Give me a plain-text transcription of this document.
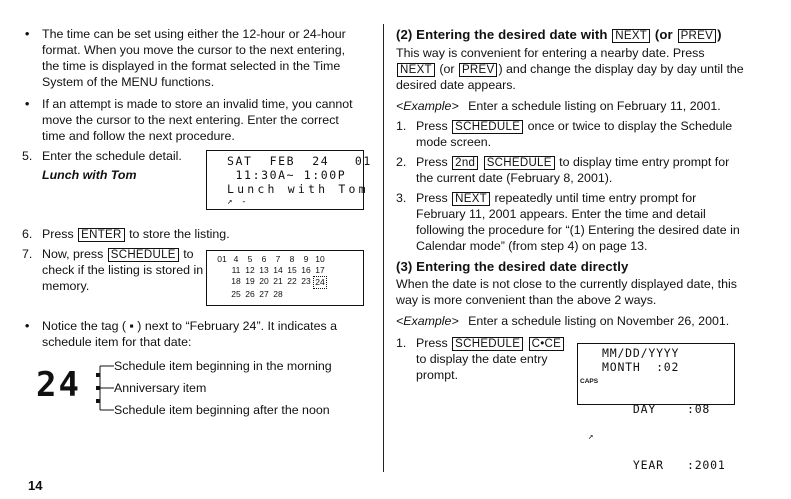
• The time can be set using either the 12-hour or 24-hour format. When you move the cursor to the next entering, the time is displayed in the format selected in the Time System of the MENU functions.
• If an attempt is made to store an invalid time, you cannot move the cursor to the next entering. Enter the correct time and follow the next procedure.
5. Enter the schedule detail.
Lunch with Tom
SAT  FEB  24   01
11:30A~ 1:00P
Lunch with Tom
↗ -
6. Press ENTER to store the listing.
7. Now, press SCHEDULE to check if the listing is stored in memory.
01 4	5	6	7	8	9 10
11 12 13 14 15 16 17
18 19 20 21 22 23 24
25 26 27 28
• Notice the tag ( ▪ ) next to “February 24”. It indicates a schedule item for that date:
24	Schedule item beginning in the morning
Anniversary item
Schedule item beginning after the noon
14
(2) Entering the desired date with NEXT (or PREV )
This way is convenient for entering a nearby date. Press NEXT (or PREV ) and change the display day by day until the desired date appears.
<Example> Enter a schedule listing on February 11, 2001.
1. Press SCHEDULE once or twice to display the Schedule mode screen.
2. Press 2nd SCHEDULE to display time entry prompt for the current date (February 8, 2001).
3. Press NEXT repeatedly until time entry prompt for February 11, 2001 appears. Enter the time and detail following the procedure for “(1) Entering the desired date in Calendar mode” (from step 4) on page 13.
(3) Entering the desired date directly
When the date is not close to the currently displayed date, this way is more convenient than the above 2 ways.
<Example> Enter a schedule listing on November 26, 2001.
1. Press SCHEDULE C•CE to display the date entry prompt.
MM/DD/YYYY
MONTH  :02

CAPS

DAY    :08

↗

YEAR   :2001
